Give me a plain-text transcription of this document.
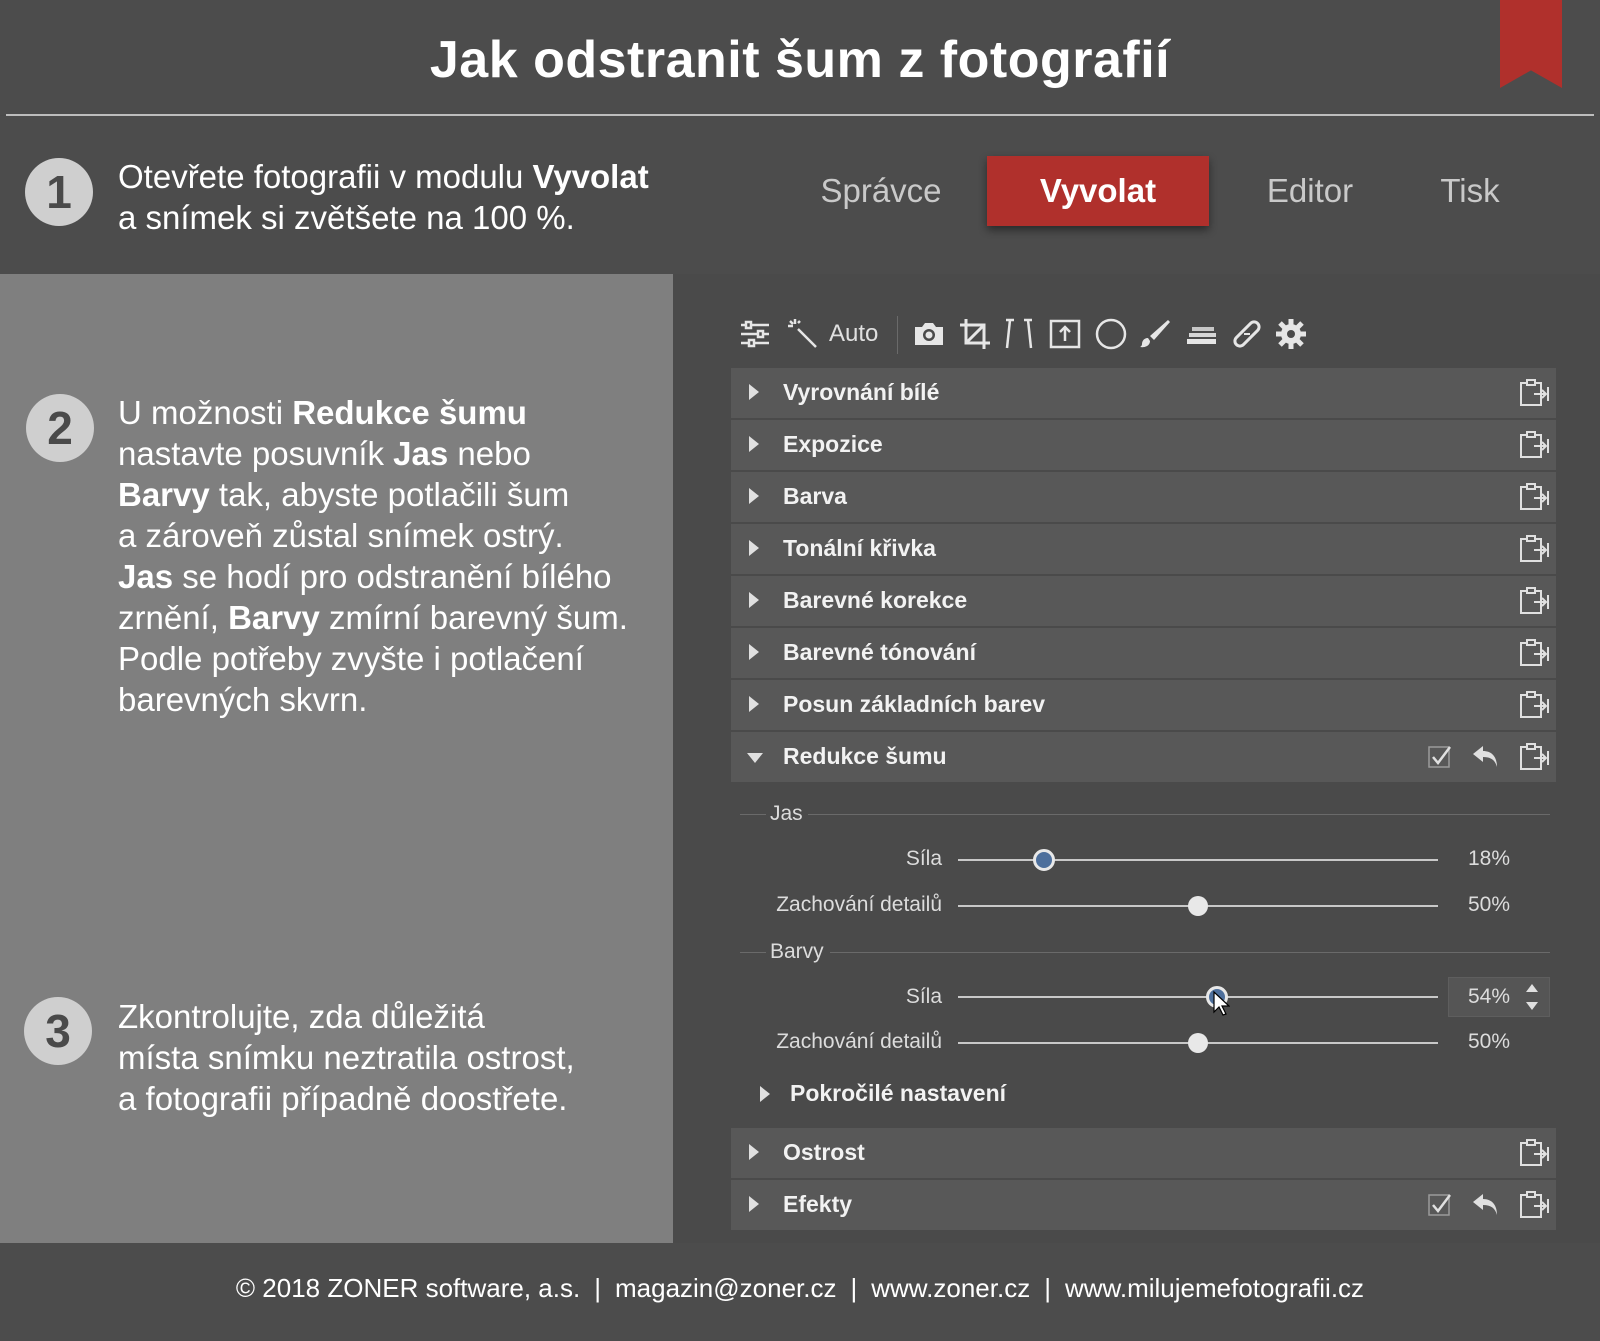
Jak odstranit šum z fotografií
1	Otevřete fotografii v modulu Vyvolat
a snímek si zvětšete na 100 %.
Správce	Vyvolat	Editor	Tisk
2	U možnosti Redukce šumu
nastavte posuvník Jas nebo
Barvy tak, abyste potlačili šum
a zároveň zůstal snímek ostrý.
Jas se hodí pro odstranění bílého
zrnění, Barvy zmírní barevný šum.
Podle potřeby zvyšte i potlačení
barevných skvrn.
3	Zkontrolujte, zda důležitá
místa snímku neztratila ostrost,
a fotografii případně doostřete.
Auto
Vyrovnání bílé
Expozice
Barva
Tonální křivka
Barevné korekce
Barevné tónování
Posun základních barev
Redukce šumu
Jas
Síla	18%
Zachování detailů	50%
Barvy
Síla	54%
Zachování detailů	50%
Pokročilé nastavení
Ostrost
Efekty
© 2018 ZONER software, a.s. | magazin@zoner.cz | www.zoner.cz | www.milujemefotografii.cz
